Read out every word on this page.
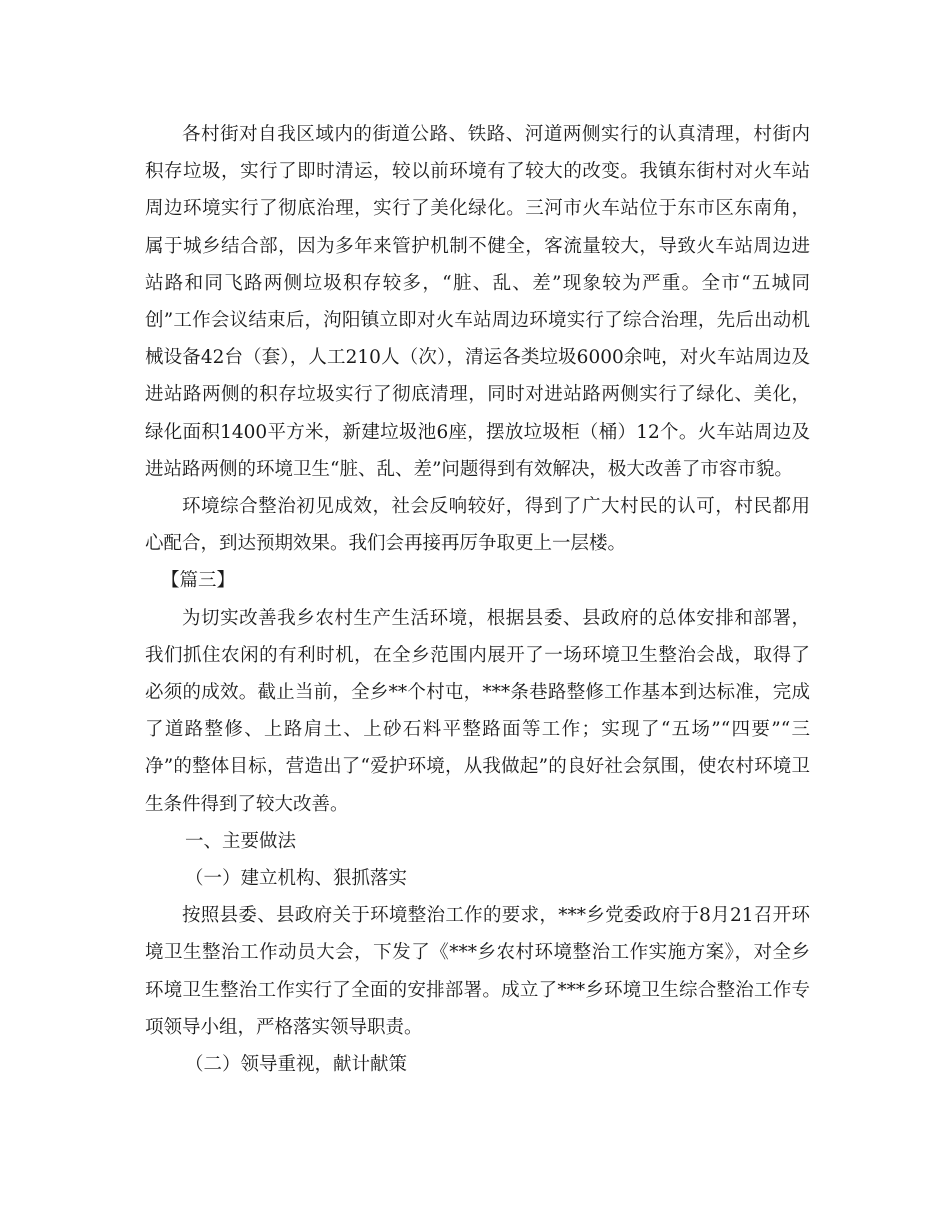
各村街对自我区域内的街道公路、铁路、河道两侧实行的认真清理，村街内积存垃圾，实行了即时清运，较以前环境有了较大的改变。我镇东街村对火车站周边环境实行了彻底治理，实行了美化绿化。三河市火车站位于东市区东南角，属于城乡结合部，因为多年来管护机制不健全，客流量较大，导致火车站周边进站路和同飞路两侧垃圾积存较多，“脏、乱、差”现象较为严重。全市“五城同创”工作会议结束后，泃阳镇立即对火车站周边环境实行了综合治理，先后出动机械设备42台（套），人工210人（次），清运各类垃圾6000余吨，对火车站周边及进站路两侧的积存垃圾实行了彻底清理，同时对进站路两侧实行了绿化、美化，绿化面积1400平方米，新建垃圾池6座，摆放垃圾柜（桶）12个。火车站周边及进站路两侧的环境卫生“脏、乱、差”问题得到有效解决，极大改善了市容市貌。

环境综合整治初见成效，社会反响较好，得到了广大村民的认可，村民都用心配合，到达预期效果。我们会再接再厉争取更上一层楼。

【篇三】

为切实改善我乡农村生产生活环境，根据县委、县政府的总体安排和部署，我们抓住农闲的有利时机，在全乡范围内展开了一场环境卫生整治会战，取得了必须的成效。截止当前，全乡**个村屯，***条巷路整修工作基本到达标准，完成了道路整修、上路肩土、上砂石料平整路面等工作；实现了“五场”“四要”“三净”的整体目标，营造出了“爱护环境，从我做起”的良好社会氛围，使农村环境卫生条件得到了较大改善。

一、主要做法

（一）建立机构、狠抓落实

按照县委、县政府关于环境整治工作的要求，***乡党委政府于8月21召开环境卫生整治工作动员大会，下发了《***乡农村环境整治工作实施方案》，对全乡环境卫生整治工作实行了全面的安排部署。成立了***乡环境卫生综合整治工作专项领导小组，严格落实领导职责。

（二）领导重视，献计献策
